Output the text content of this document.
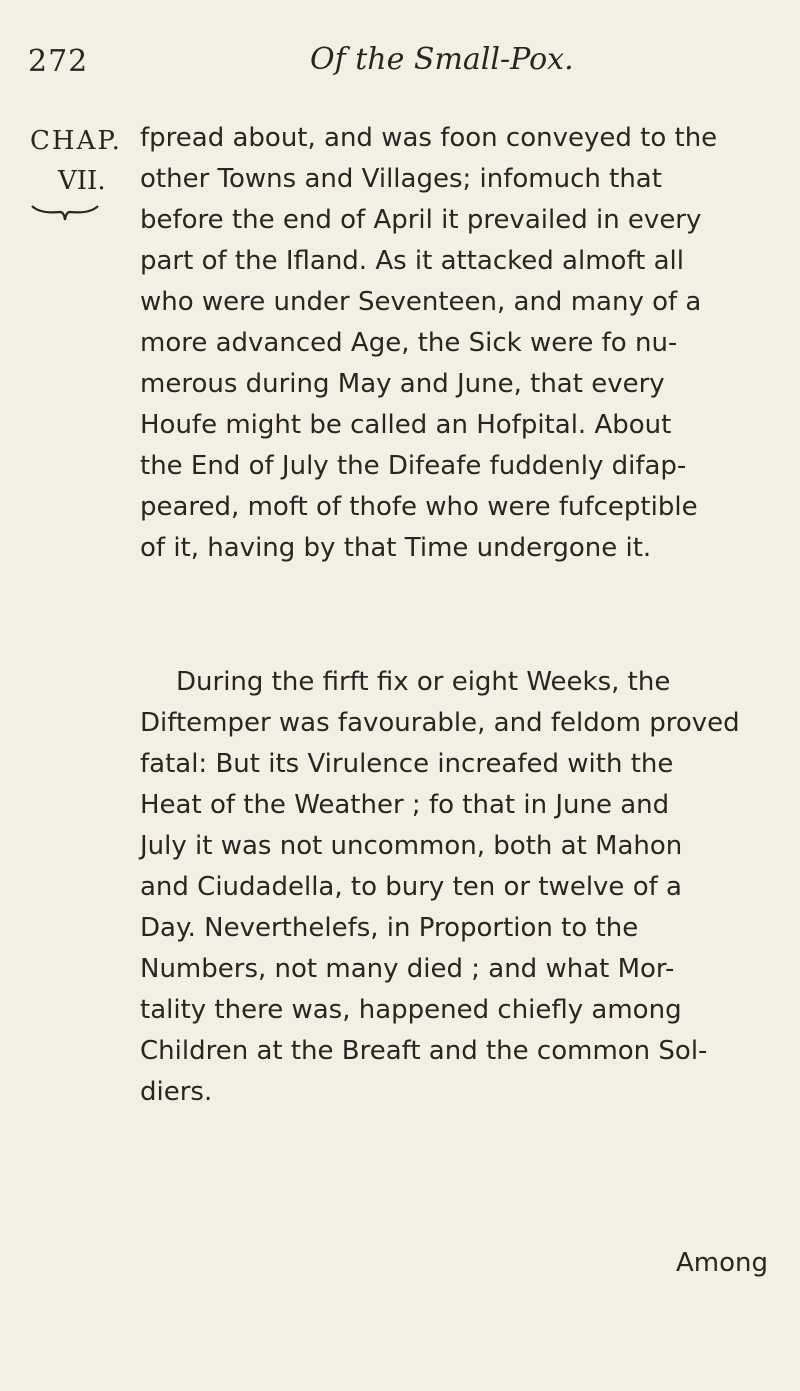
272	Of the Small-Pox.
CHAP.
VII.
fpread about, and was foon conveyed to the
other Towns and Villages; infomuch that
before the end of April it prevailed in every
part of the Ifland. As it attacked almoft all
who were under Seventeen, and many of a
more advanced Age, the Sick were fo nu-
merous during May and June, that every
Houfe might be called an Hofpital. About
the End of July the Difeafe fuddenly difap-
peared, moft of thofe who were fufceptible
of it, having by that Time undergone it.
During the firft fix or eight Weeks, the
Diftemper was favourable, and feldom proved
fatal: But its Virulence increafed with the
Heat of the Weather ; fo that in June and
July it was not uncommon, both at Mahon
and Ciudadella, to bury ten or twelve of a
Day. Neverthelefs, in Proportion to the
Numbers, not many died ; and what Mor-
tality there was, happened chiefly among
Children at the Breaft and the common Sol-
diers.
Among
